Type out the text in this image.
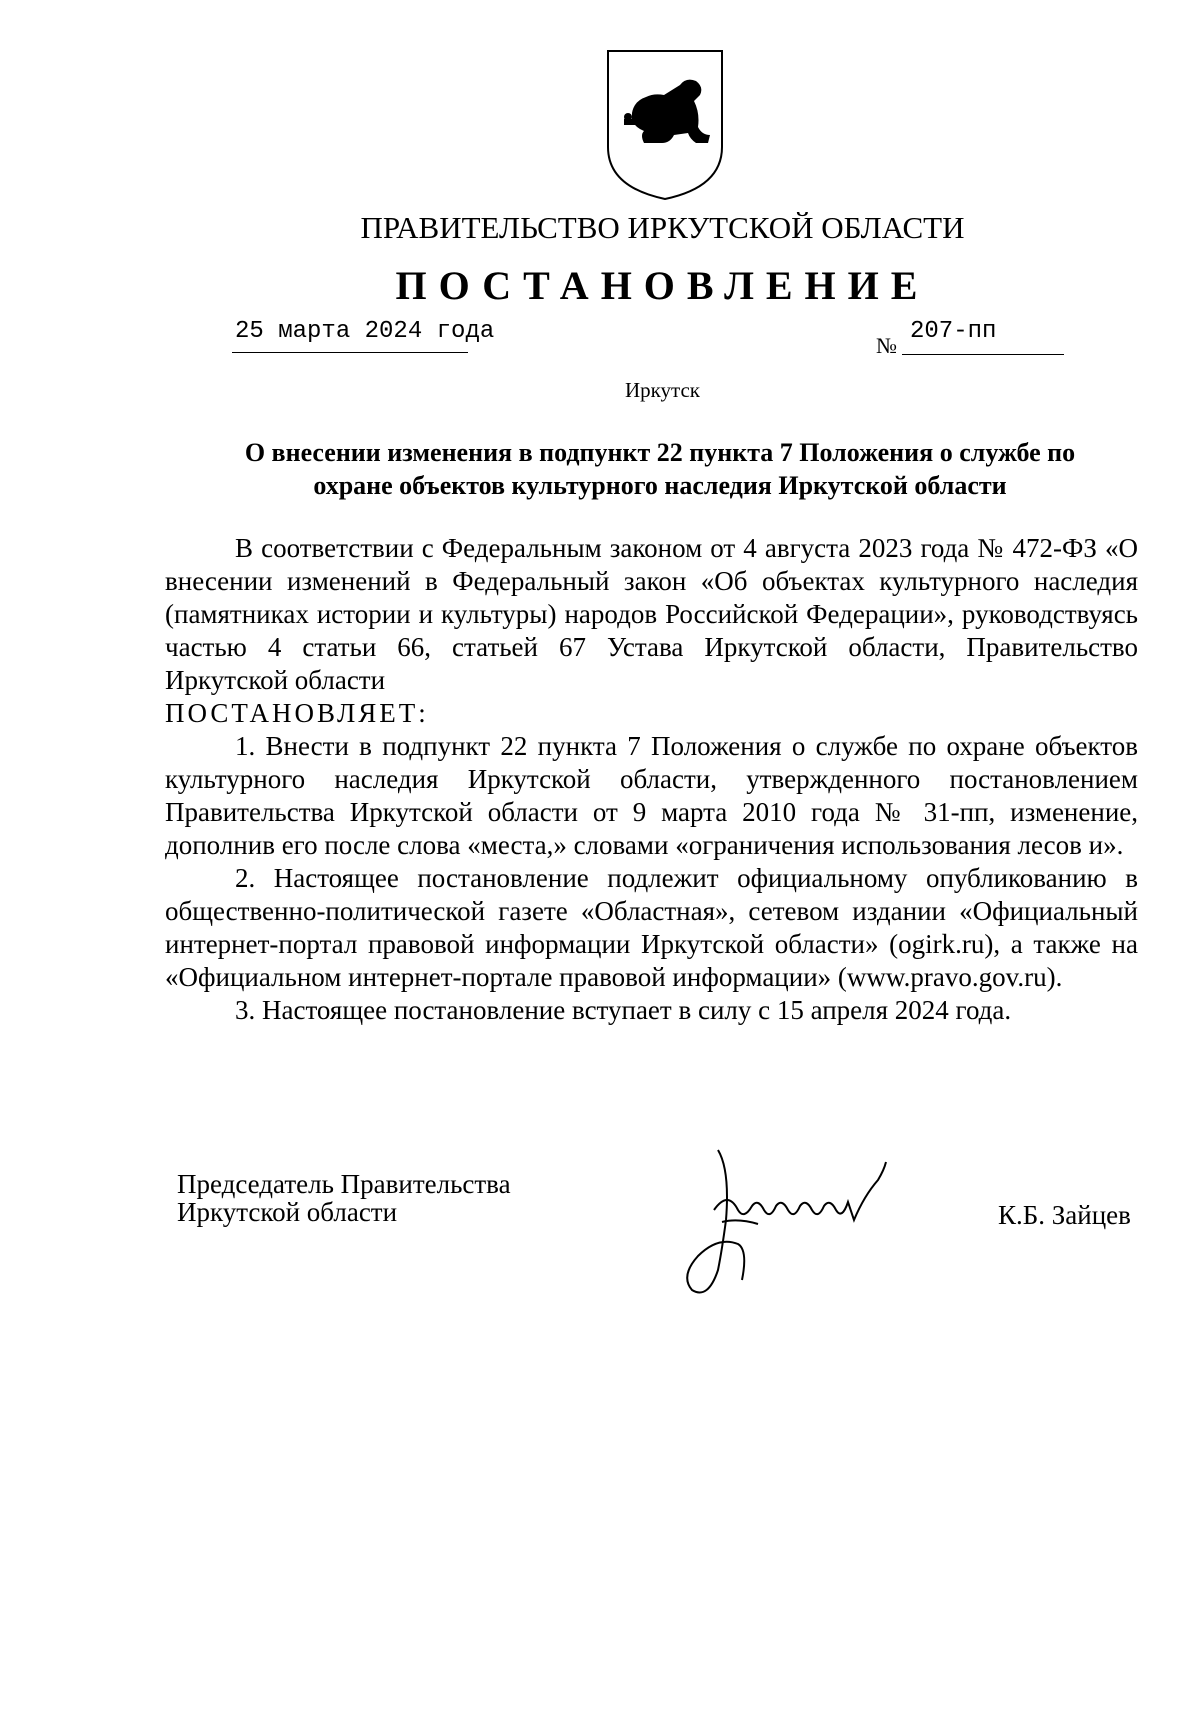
ПРАВИТЕЛЬСТВО ИРКУТСКОЙ ОБЛАСТИ
ПОСТАНОВЛЕНИЕ
25 марта 2024 года
№
207-пп
Иркутск
О внесении изменения в подпункт 22 пункта 7 Положения о службе по
охране объектов культурного наследия Иркутской области

В соответствии с Федеральным законом от 4 августа 2023 года № 472-ФЗ «О внесении изменений в Федеральный закон «Об объектах культурного наследия (памятниках истории и культуры) народов Российской Федерации», руководствуясь частью 4 статьи 66, статьей 67 Устава Иркутской области, Правительство Иркутской области

ПОСТАНОВЛЯЕТ:

1. Внести в подпункт 22 пункта 7 Положения о службе по охране объектов культурного наследия Иркутской области, утвержденного постановлением Правительства Иркутской области от 9 марта 2010 года № 31-пп, изменение, дополнив его после слова «места,» словами «ограничения использования лесов и».

2. Настоящее постановление подлежит официальному опубликованию в общественно-политической газете «Областная», сетевом издании «Официальный интернет-портал правовой информации Иркутской области» (ogirk.ru), а также на «Официальном интернет-портале правовой информации» (www.pravo.gov.ru).

3. Настоящее постановление вступает в силу с 15 апреля 2024 года.

Председатель Правительства
Иркутской области	К.Б. Зайцев
